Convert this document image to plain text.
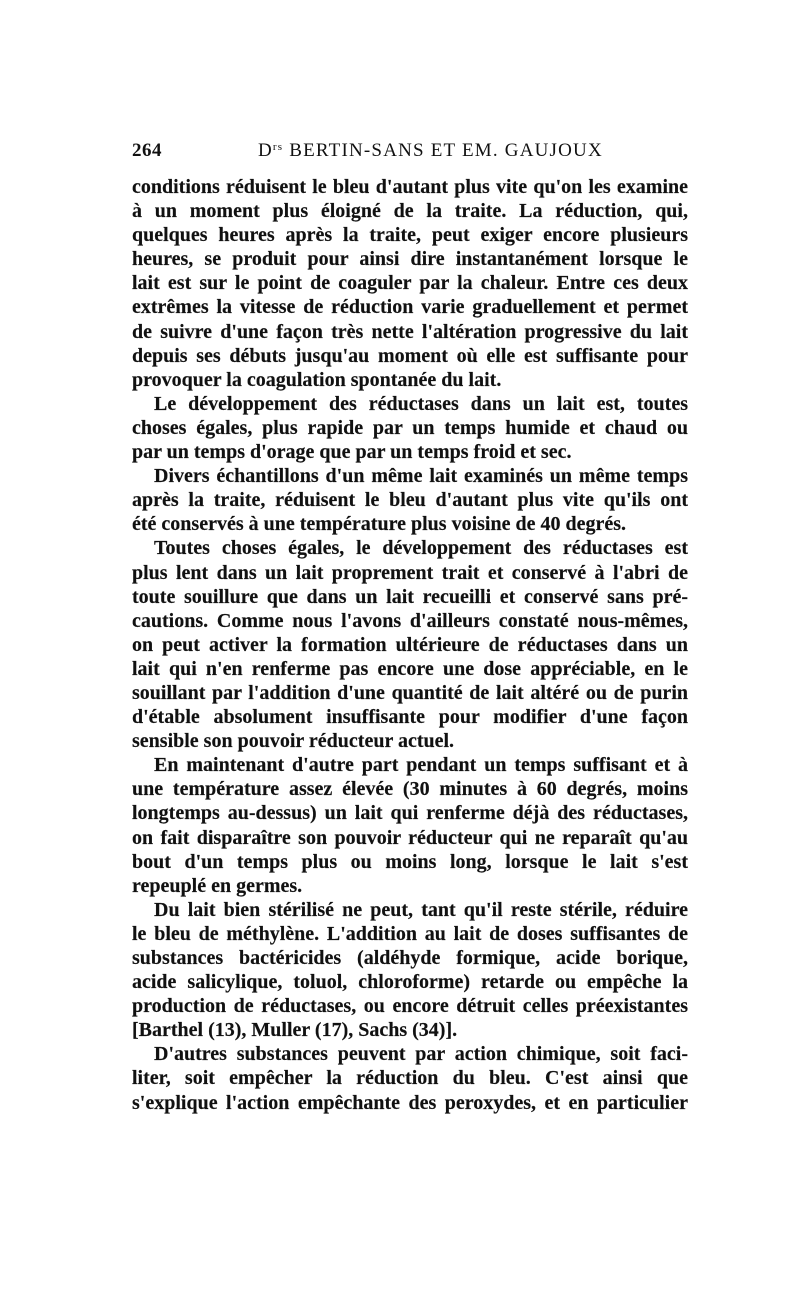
264	$D^{rs}$ BERTIN-SANS ET EM. GAUJOUX
conditions réduisent le bleu d'autant plus vite qu'on les examine
à un moment plus éloigné de la traite. La réduction, qui,
quelques heures après la traite, peut exiger encore plusieurs
heures, se produit pour ainsi dire instantanément lorsque le
lait est sur le point de coaguler par la chaleur. Entre ces deux
extrêmes la vitesse de réduction varie graduellement et permet
de suivre d'une façon très nette l'altération progressive du lait
depuis ses débuts jusqu'au moment où elle est suffisante pour
provoquer la coagulation spontanée du lait.
Le développement des réductases dans un lait est, toutes
choses égales, plus rapide par un temps humide et chaud ou
par un temps d'orage que par un temps froid et sec.
Divers échantillons d'un même lait examinés un même temps
après la traite, réduisent le bleu d'autant plus vite qu'ils ont
été conservés à une température plus voisine de 40 degrés.
Toutes choses égales, le développement des réductases est
plus lent dans un lait proprement trait et conservé à l'abri de
toute souillure que dans un lait recueilli et conservé sans pré-
cautions. Comme nous l'avons d'ailleurs constaté nous-mêmes,
on peut activer la formation ultérieure de réductases dans un
lait qui n'en renferme pas encore une dose appréciable, en le
souillant par l'addition d'une quantité de lait altéré ou de purin
d'étable absolument insuffisante pour modifier d'une façon
sensible son pouvoir réducteur actuel.
En maintenant d'autre part pendant un temps suffisant et à
une température assez élevée (30 minutes à 60 degrés, moins
longtemps au-dessus) un lait qui renferme déjà des réductases,
on fait disparaître son pouvoir réducteur qui ne reparaît qu'au
bout d'un temps plus ou moins long, lorsque le lait s'est
repeuplé en germes.
Du lait bien stérilisé ne peut, tant qu'il reste stérile, réduire
le bleu de méthylène. L'addition au lait de doses suffisantes de
substances bactéricides (aldéhyde formique, acide borique,
acide salicylique, toluol, chloroforme) retarde ou empêche la
production de réductases, ou encore détruit celles préexistantes
[Barthel (13), Muller (17), Sachs (34)].
D'autres substances peuvent par action chimique, soit faci-
liter, soit empêcher la réduction du bleu. C'est ainsi que
s'explique l'action empêchante des peroxydes, et en particulier
